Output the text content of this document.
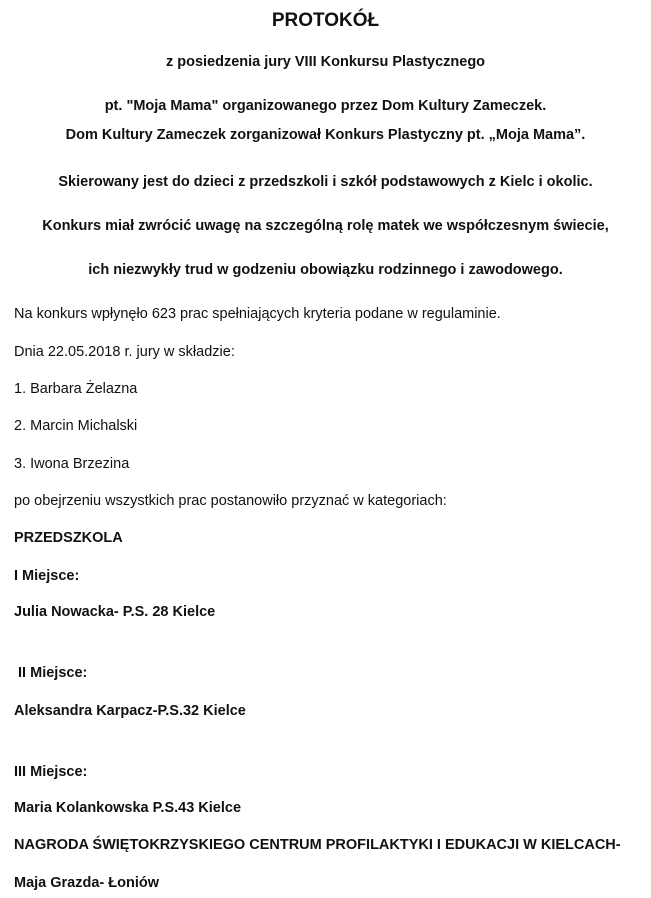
PROTOKÓŁ
z posiedzenia jury VIII Konkursu Plastycznego
pt. "Moja Mama" organizowanego przez Dom Kultury Zameczek.
Dom Kultury Zameczek zorganizował Konkurs Plastyczny pt. „Moja Mama”.
Skierowany jest do dzieci z przedszkoli i szkół podstawowych z Kielc i okolic.
Konkurs miał zwrócić uwagę na szczególną rolę matek we współczesnym świecie,
ich niezwykły trud w godzeniu obowiązku rodzinnego i zawodowego.
Na konkurs wpłynęło 623 prac spełniających kryteria podane w regulaminie.
Dnia 22.05.2018 r. jury w składzie:
1. Barbara Żelazna
2. Marcin Michalski
3. Iwona Brzezina
po obejrzeniu wszystkich prac postanowiło przyznać w kategoriach:
PRZEDSZKOLA
I Miejsce:
Julia Nowacka- P.S. 28 Kielce
II Miejsce:
Aleksandra Karpacz-P.S.32 Kielce
III Miejsce:
Maria Kolankowska P.S.43 Kielce
NAGRODA ŚWIĘTOKRZYSKIEGO CENTRUM PROFILAKTYKI I EDUKACJI W KIELCACH-
Maja Grazda- Łoniów
